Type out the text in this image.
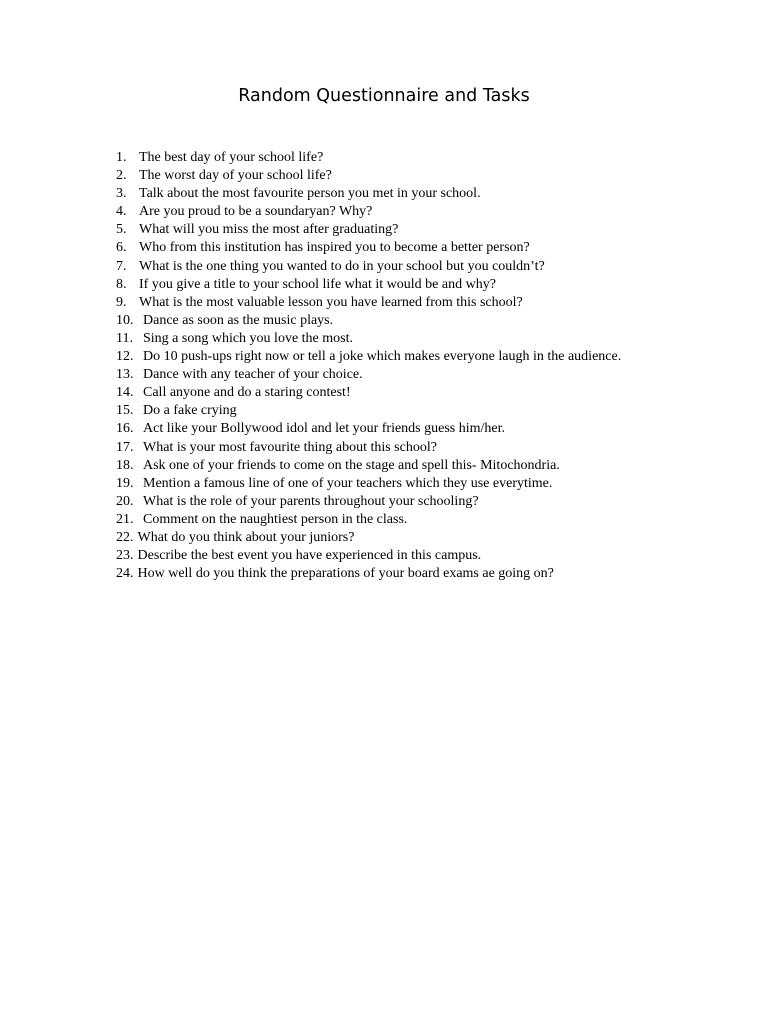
Random Questionnaire and Tasks
1. The best day of your school life?
2. The worst day of your school life?
3. Talk about the most favourite person you met in your school.
4. Are you proud to be a soundaryan? Why?
5. What will you miss the most after graduating?
6. Who from this institution has inspired you to become a better person?
7. What is the one thing you wanted to do in your school but you couldn’t?
8. If you give a title to your school life what it would be and why?
9. What is the most valuable lesson you have learned from this school?
10. Dance as soon as the music plays.
11. Sing a song which you love the most.
12. Do 10 push-ups right now or tell a joke which makes everyone laugh in the audience.
13. Dance with any teacher of your choice.
14. Call anyone and do a staring contest!
15. Do a fake crying
16. Act like your Bollywood idol and let your friends guess him/her.
17. What is your most favourite thing about this school?
18. Ask one of your friends to come on the stage and spell this- Mitochondria.
19. Mention a famous line of one of your teachers which they use everytime.
20. What is the role of your parents throughout your schooling?
21. Comment on the naughtiest person in the class.
22. What do you think about your juniors?
23. Describe the best event you have experienced in this campus.
24. How well do you think the preparations of your board exams ae going on?
